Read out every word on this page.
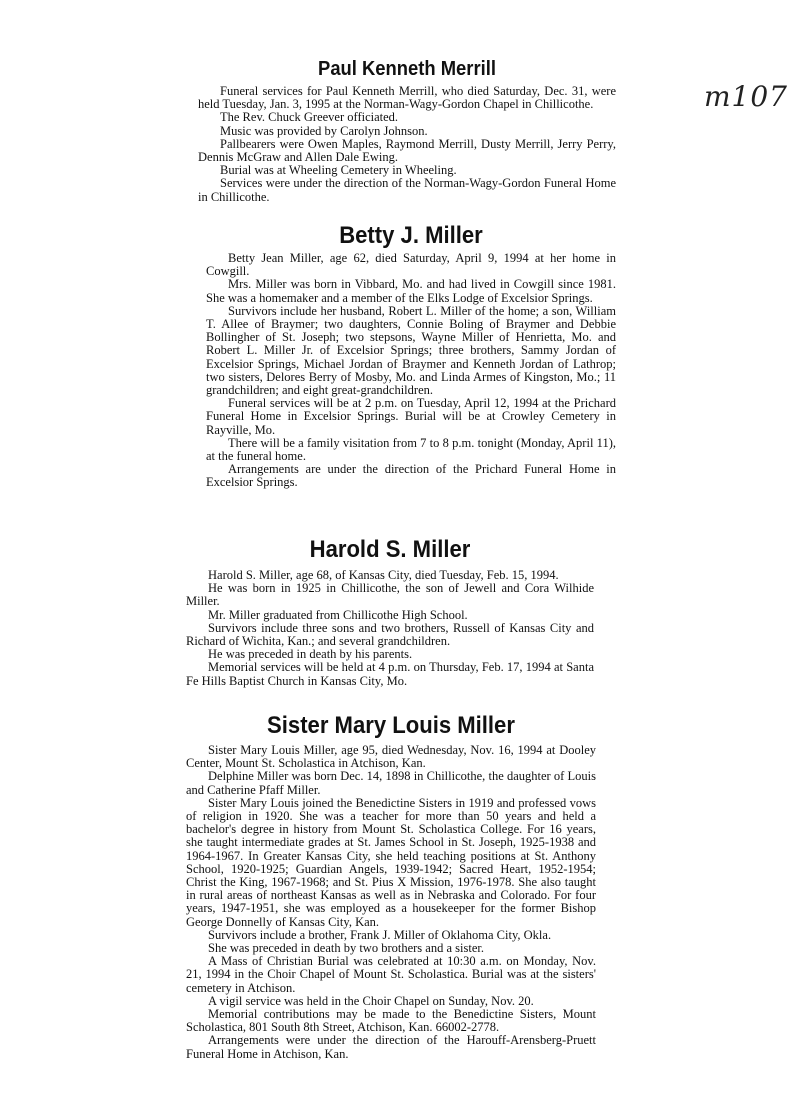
m107
Paul Kenneth Merrill

Funeral services for Paul Kenneth Merrill, who died Saturday, Dec. 31, were held Tuesday, Jan. 3, 1995 at the Norman-Wagy-Gordon Chapel in Chillicothe.

The Rev. Chuck Greever officiated.

Music was provided by Carolyn Johnson.

Pallbearers were Owen Maples, Raymond Merrill, Dusty Merrill, Jerry Perry, Dennis McGraw and Allen Dale Ewing.

Burial was at Wheeling Cemetery in Wheeling.

Services were under the direction of the Norman-Wagy-Gordon Funeral Home in Chillicothe.

Betty J. Miller

Betty Jean Miller, age 62, died Saturday, April 9, 1994 at her home in Cowgill.

Mrs. Miller was born in Vibbard, Mo. and had lived in Cowgill since 1981. She was a homemaker and a member of the Elks Lodge of Excelsior Springs.

Survivors include her husband, Robert L. Miller of the home; a son, William T. Allee of Braymer; two daughters, Connie Boling of Braymer and Debbie Bollingher of St. Joseph; two stepsons, Wayne Miller of Henrietta, Mo. and Robert L. Miller Jr. of Excelsior Springs; three brothers, Sammy Jordan of Excelsior Springs, Michael Jordan of Braymer and Kenneth Jordan of Lathrop; two sisters, Delores Berry of Mosby, Mo. and Linda Armes of Kingston, Mo.; 11 grandchildren; and eight great-grandchildren.

Funeral services will be at 2 p.m. on Tuesday, April 12, 1994 at the Prichard Funeral Home in Excelsior Springs. Burial will be at Crowley Cemetery in Rayville, Mo.

There will be a family visitation from 7 to 8 p.m. tonight (Monday, April 11), at the funeral home.

Arrangements are under the direction of the Prichard Funeral Home in Excelsior Springs.

Harold S. Miller

Harold S. Miller, age 68, of Kansas City, died Tuesday, Feb. 15, 1994.

He was born in 1925 in Chillicothe, the son of Jewell and Cora Wilhide Miller.

Mr. Miller graduated from Chillicothe High School.

Survivors include three sons and two brothers, Russell of Kansas City and Richard of Wichita, Kan.; and several grandchildren.

He was preceded in death by his parents.

Memorial services will be held at 4 p.m. on Thursday, Feb. 17, 1994 at Santa Fe Hills Baptist Church in Kansas City, Mo.

Sister Mary Louis Miller

Sister Mary Louis Miller, age 95, died Wednesday, Nov. 16, 1994 at Dooley Center, Mount St. Scholastica in Atchison, Kan.

Delphine Miller was born Dec. 14, 1898 in Chillicothe, the daughter of Louis and Catherine Pfaff Miller.

Sister Mary Louis joined the Benedictine Sisters in 1919 and professed vows of religion in 1920. She was a teacher for more than 50 years and held a bachelor's degree in history from Mount St. Scholastica College. For 16 years, she taught intermediate grades at St. James School in St. Joseph, 1925-1938 and 1964-1967. In Greater Kansas City, she held teaching positions at St. Anthony School, 1920-1925; Guardian Angels, 1939-1942; Sacred Heart, 1952-1954; Christ the King, 1967-1968; and St. Pius X Mission, 1976-1978. She also taught in rural areas of northeast Kansas as well as in Nebraska and Colorado. For four years, 1947-1951, she was employed as a housekeeper for the former Bishop George Donnelly of Kansas City, Kan.

Survivors include a brother, Frank J. Miller of Oklahoma City, Okla.

She was preceded in death by two brothers and a sister.

A Mass of Christian Burial was celebrated at 10:30 a.m. on Monday, Nov. 21, 1994 in the Choir Chapel of Mount St. Scholastica. Burial was at the sisters' cemetery in Atchison.

A vigil service was held in the Choir Chapel on Sunday, Nov. 20.

Memorial contributions may be made to the Benedictine Sisters, Mount Scholastica, 801 South 8th Street, Atchison, Kan. 66002-2778.

Arrangements were under the direction of the Harouff-Arensberg-Pruett Funeral Home in Atchison, Kan.
